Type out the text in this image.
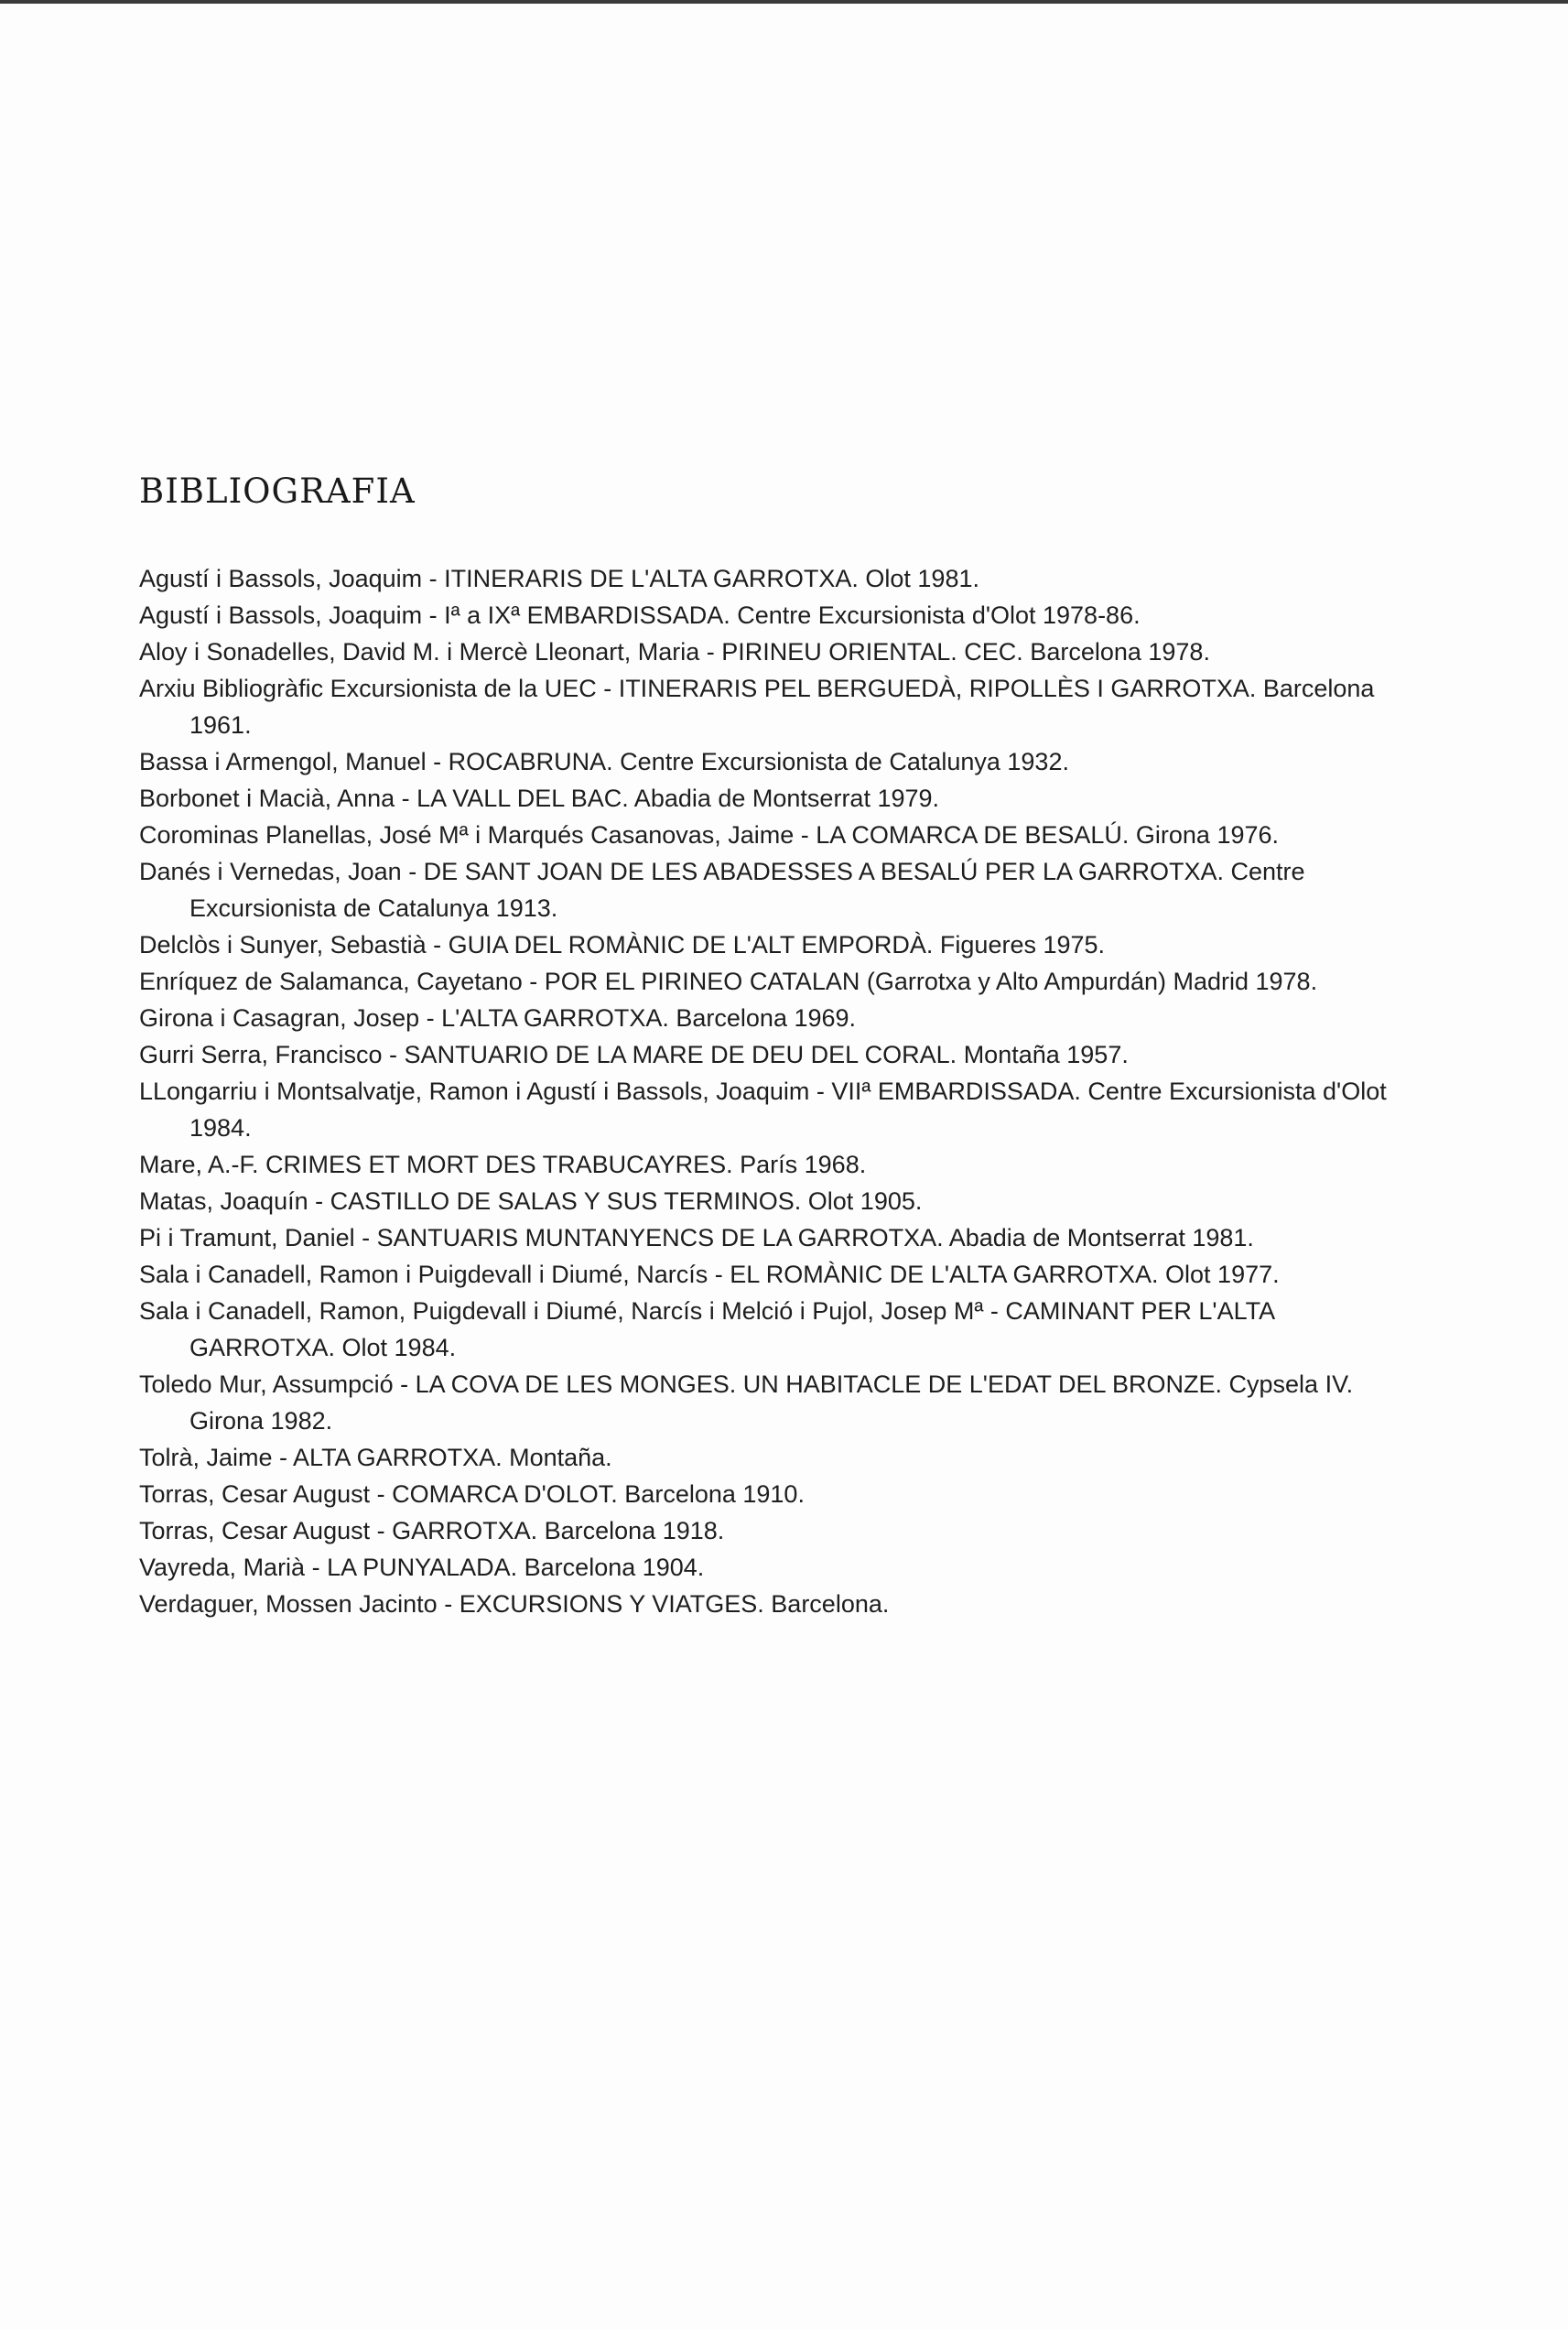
BIBLIOGRAFIA
Agustí i Bassols, Joaquim - ITINERARIS DE L'ALTA GARROTXA. Olot 1981.
Agustí i Bassols, Joaquim - Iª a IXª EMBARDISSADA. Centre Excursionista d'Olot 1978-86.
Aloy i Sonadelles, David M. i Mercè Lleonart, Maria - PIRINEU ORIENTAL. CEC. Barcelona 1978.
Arxiu Bibliogràfic Excursionista de la UEC - ITINERARIS PEL BERGUEDÀ, RIPOLLÈS I GARROTXA. Barcelona 1961.
Bassa i Armengol, Manuel - ROCABRUNA. Centre Excursionista de Catalunya 1932.
Borbonet i Macià, Anna - LA VALL DEL BAC. Abadia de Montserrat 1979.
Corominas Planellas, José Mª i Marqués Casanovas, Jaime - LA COMARCA DE BESALÚ. Girona 1976.
Danés i Vernedas, Joan - DE SANT JOAN DE LES ABADESSES A BESALÚ PER LA GARROTXA. Centre Excursionista de Catalunya 1913.
Delclòs i Sunyer, Sebastià - GUIA DEL ROMÀNIC DE L'ALT EMPORDÀ. Figueres 1975.
Enríquez de Salamanca, Cayetano - POR EL PIRINEO CATALAN (Garrotxa y Alto Ampurdán) Madrid 1978.
Girona i Casagran, Josep - L'ALTA GARROTXA. Barcelona 1969.
Gurri Serra, Francisco - SANTUARIO DE LA MARE DE DEU DEL CORAL. Montaña 1957.
LLongarriu i Montsalvatje, Ramon i Agustí i Bassols, Joaquim - VIIª EMBARDISSADA. Centre Excursionista d'Olot 1984.
Mare, A.-F. CRIMES ET MORT DES TRABUCAYRES. París 1968.
Matas, Joaquín - CASTILLO DE SALAS Y SUS TERMINOS. Olot 1905.
Pi i Tramunt, Daniel - SANTUARIS MUNTANYENCS DE LA GARROTXA. Abadia de Montserrat 1981.
Sala i Canadell, Ramon i Puigdevall i Diumé, Narcís - EL ROMÀNIC DE L'ALTA GARROTXA. Olot 1977.
Sala i Canadell, Ramon, Puigdevall i Diumé, Narcís i Melció i Pujol, Josep Mª - CAMINANT PER L'ALTA GARROTXA. Olot 1984.
Toledo Mur, Assumpció - LA COVA DE LES MONGES. UN HABITACLE DE L'EDAT DEL BRONZE. Cypsela IV. Girona 1982.
Tolrà, Jaime - ALTA GARROTXA. Montaña.
Torras, Cesar August - COMARCA D'OLOT. Barcelona 1910.
Torras, Cesar August - GARROTXA. Barcelona 1918.
Vayreda, Marià - LA PUNYALADA. Barcelona 1904.
Verdaguer, Mossen Jacinto - EXCURSIONS Y VIATGES. Barcelona.
